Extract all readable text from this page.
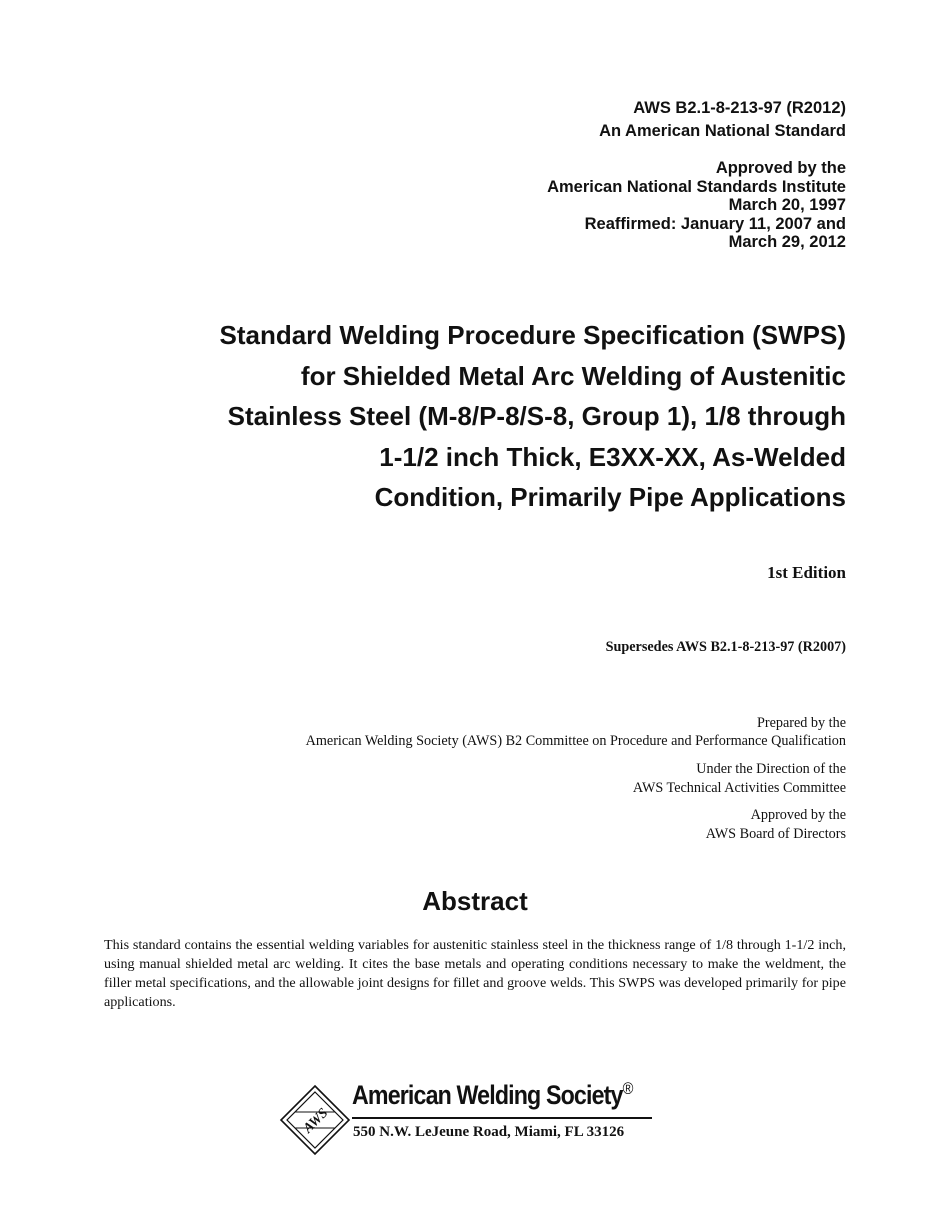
AWS B2.1-8-213-97 (R2012)
An American National Standard
Approved by the
American National Standards Institute
March 20, 1997
Reaffirmed: January 11, 2007 and
March 29, 2012
Standard Welding Procedure Specification (SWPS)
for Shielded Metal Arc Welding of Austenitic
Stainless Steel (M-8/P-8/S-8, Group 1), 1/8 through
1-1/2 inch Thick, E3XX-XX, As-Welded
Condition, Primarily Pipe Applications
1st Edition
Supersedes AWS B2.1-8-213-97 (R2007)
Prepared by the
American Welding Society (AWS) B2 Committee on Procedure and Performance Qualification
Under the Direction of the
AWS Technical Activities Committee
Approved by the
AWS Board of Directors
Abstract
This standard contains the essential welding variables for austenitic stainless steel in the thickness range of 1/8 through 1-1/2 inch, using manual shielded metal arc welding. It cites the base metals and operating conditions necessary to make the weldment, the filler metal specifications, and the allowable joint designs for fillet and groove welds. This SWPS was developed primarily for pipe applications.
AWS
American Welding Society®
550 N.W. LeJeune Road, Miami, FL 33126
